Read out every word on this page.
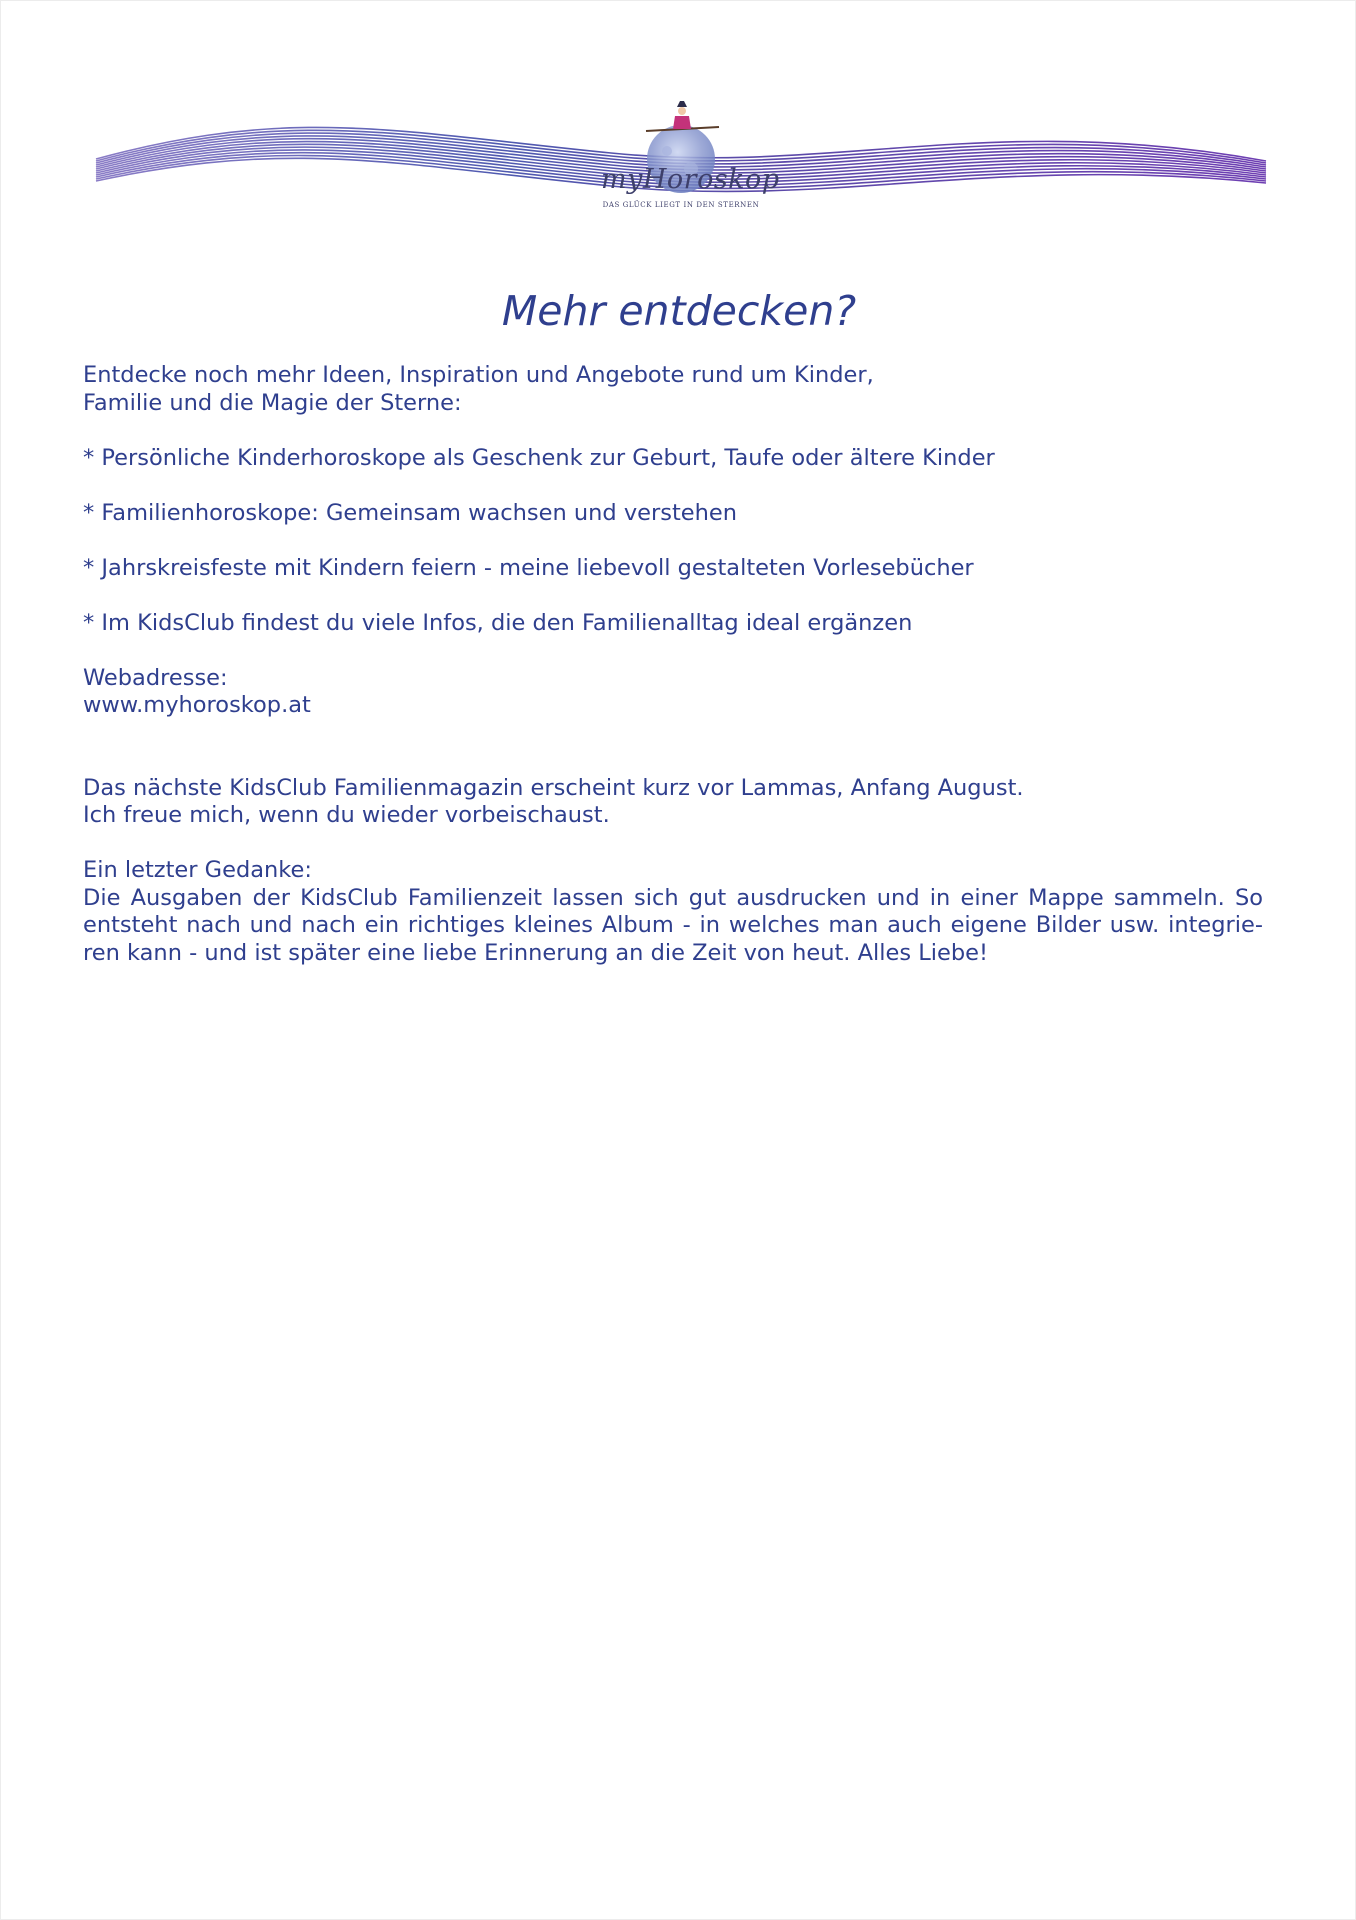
myHoroskop
DAS GLÜCK LIEGT IN DEN STERNEN
Mehr entdecken?

Entdecke noch mehr Ideen, Inspiration und Angebote rund um Kinder,

Familie und die Magie der Sterne:

* Persönliche Kinderhoroskope als Geschenk zur Geburt, Taufe oder ältere Kinder

* Familienhoroskope: Gemeinsam wachsen und verstehen

* Jahrskreisfeste mit Kindern feiern - meine liebevoll gestalteten Vorlesebücher

* Im KidsClub findest du viele Infos, die den Familienalltag ideal ergänzen

Webadresse:

www.myhoroskop.at

Das nächste KidsClub Familienmagazin erscheint kurz vor Lammas, Anfang August.

Ich freue mich, wenn du wieder vorbeischaust.

Ein letzter Gedanke:

Die Ausgaben der KidsClub Familienzeit lassen sich gut ausdrucken und in einer Mappe sammeln. So entsteht nach und nach ein richtiges kleines Album - in welches man auch eigene Bilder usw. integrie-ren kann - und ist später eine liebe Erinnerung an die Zeit von heut. Alles Liebe!
